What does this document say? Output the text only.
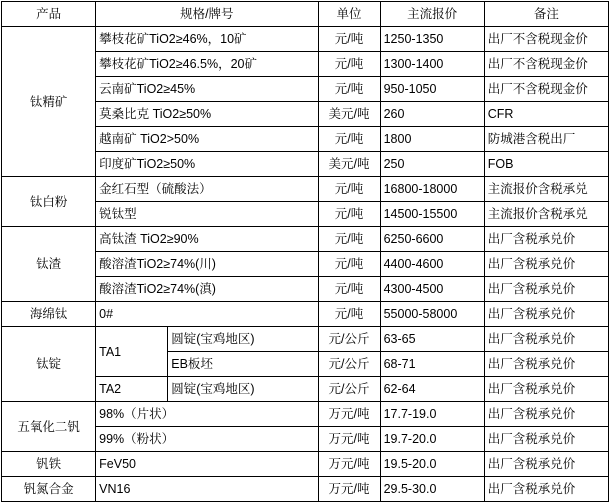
产品	规格/牌号		单位	主流报价	备注
钛精矿	攀枝花矿TiO2≥46%，10矿		元/吨	1250-1350	出厂不含税现金价
	攀枝花矿TiO2≥46.5%，20矿		元/吨	1300-1400	出厂不含税现金价
	云南矿TiO2≥45%		元/吨	950-1050	出厂不含税现金价
	莫桑比克 TiO2≥50%		美元/吨	260	CFR
	越南矿 TiO2>50%		元/吨	1800	防城港含税出厂
	印度矿TiO2≥50%		美元/吨	250	FOB
钛白粉	金红石型（硫酸法）		元/吨	16800-18000	主流报价含税承兑
	锐钛型		元/吨	14500-15500	主流报价含税承兑
钛渣	高钛渣 TiO2≥90%		元/吨	6250-6600	出厂含税承兑价
	酸溶渣TiO2≥74%(川)		元/吨	4400-4600	出厂含税承兑价
	酸溶渣TiO2≥74%(滇)		元/吨	4300-4500	出厂含税承兑价
海绵钛	0#		元/吨	55000-58000	出厂含税承兑价
钛锭	TA1	圆锭(宝鸡地区)	元/公斤	63-65	出厂含税承兑价
		EB板坯	元/公斤	68-71	出厂含税承兑价
	TA2	圆锭(宝鸡地区)	元/公斤	62-64	出厂含税承兑价
五氧化二钒	98%（片状）		万元/吨	17.7-19.0	出厂含税承兑价
	99%（粉状）		万元/吨	19.7-20.0	出厂含税承兑价
钒铁	FeV50		万元/吨	19.5-20.0	出厂含税承兑价
钒氮合金	VN16		万元/吨	29.5-30.0	出厂含税承兑价
